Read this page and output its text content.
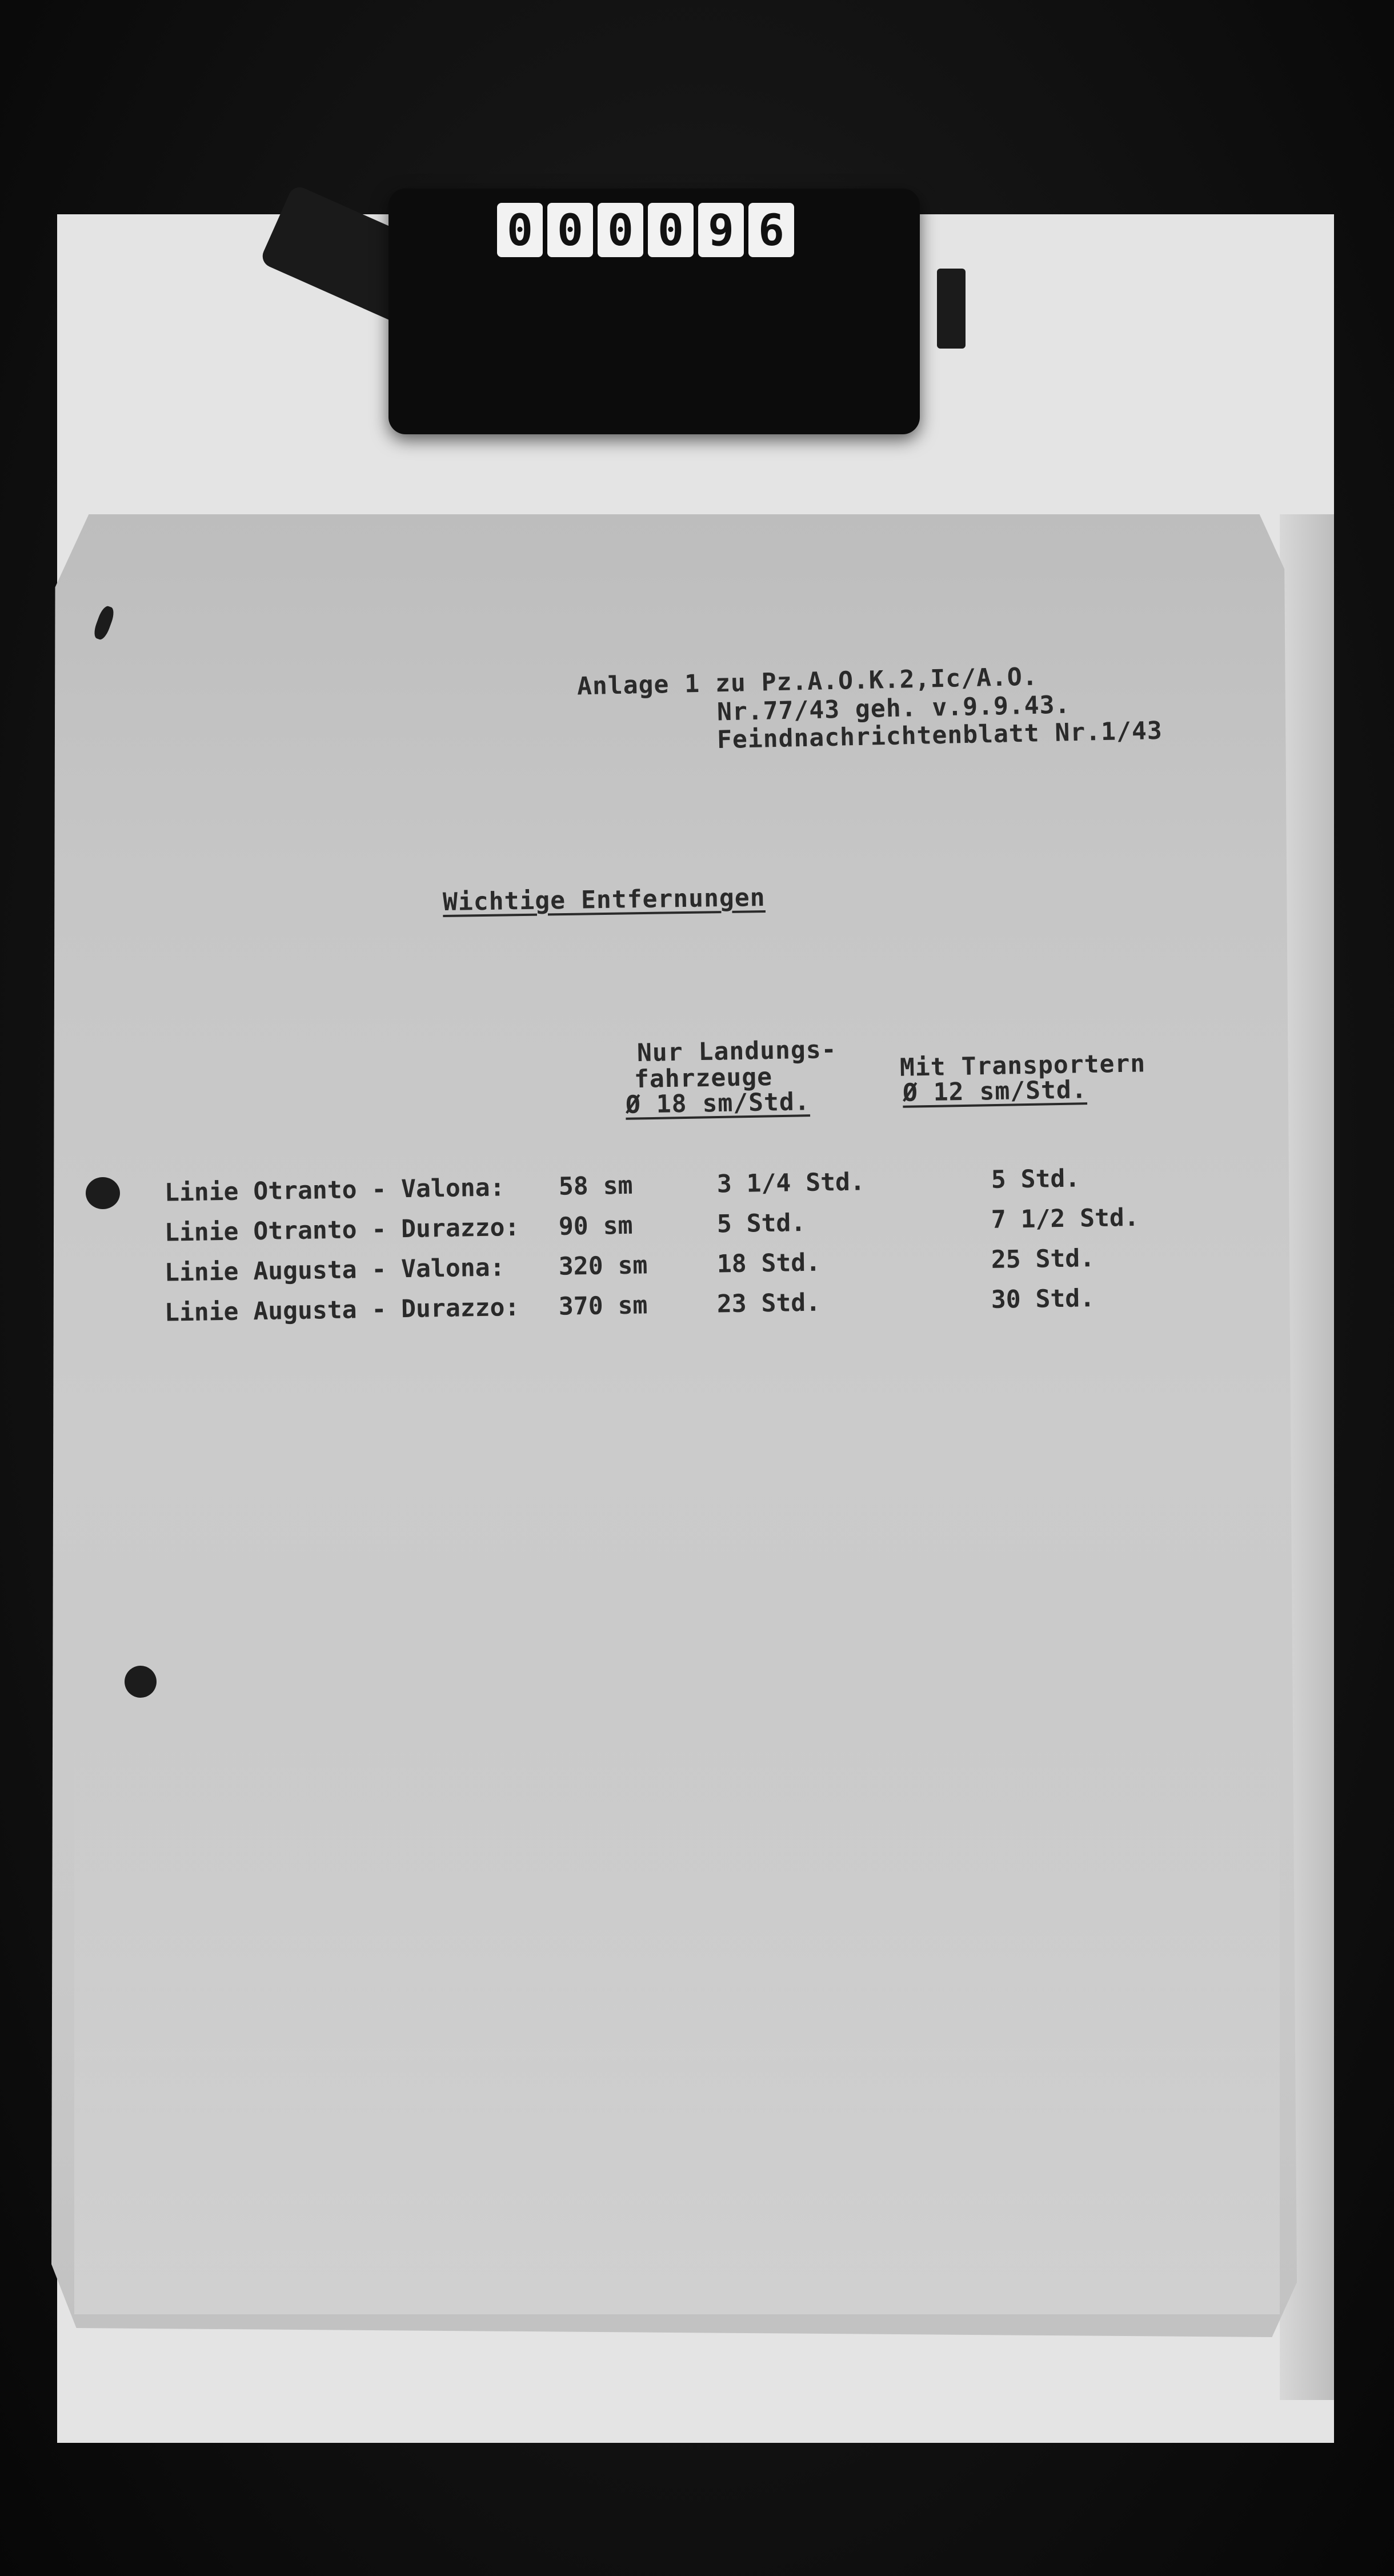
0 0 0 0 9 6
Anlage 1 zu Pz.A.O.K.2,Ic/A.O.
Nr.77/43 geh. v.9.9.43.
Feindnachrichtenblatt Nr.1/43
Wichtige Entfernungen
Nur Landungs-
fahrzeuge
Ø 18 sm/Std.
Mit Transportern
Ø 12 sm/Std.
Linie Otranto - Valona: 58 sm	3 1/4 Std.	5 Std.
Linie Otranto - Durazzo: 90 sm	5 Std.	7 1/2 Std.
Linie Augusta - Valona: 320 sm	18 Std.	25 Std.
Linie Augusta - Durazzo: 370 sm	23 Std.	30 Std.
